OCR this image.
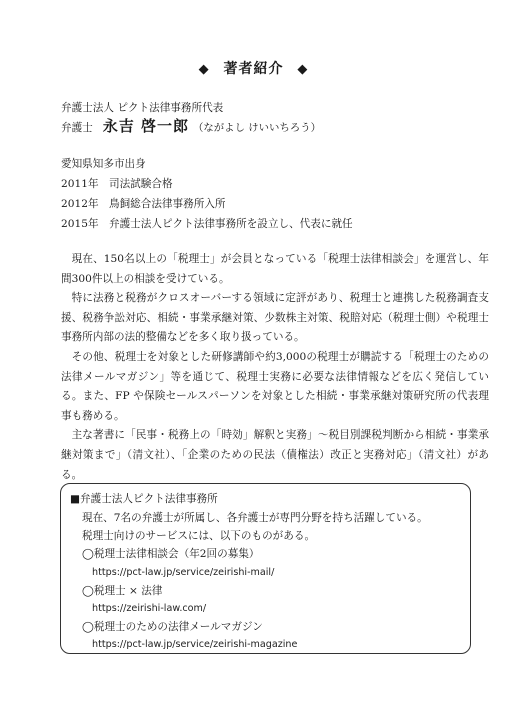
◆ 著者紹介 ◆
弁護士法人 ピクト法律事務所代表
弁護士 永吉 啓一郎 （ながよし けいいちろう）
愛知県知多市出身
2011年 司法試験合格
2012年 鳥飼総合法律事務所入所
2015年 弁護士法人ピクト法律事務所を設立し、代表に就任

現在、150名以上の「税理士」が会員となっている「税理士法律相談会」を運営し、年間300件以上の相談を受けている。

特に法務と税務がクロスオーバーする領域に定評があり、税理士と連携した税務調査支援、税務争訟対応、相続・事業承継対策、少数株主対策、税賠対応（税理士側）や税理士事務所内部の法的整備などを多く取り扱っている。

その他、税理士を対象とした研修講師や約3,000の税理士が購読する「税理士のための法律メールマガジン」等を通じて、税理士実務に必要な法律情報などを広く発信している。また、FP や保険セールスパーソンを対象とした相続・事業承継対策研究所の代表理事も務める。

主な著書に「民事・税務上の「時効」解釈と実務」〜税目別課税判断から相続・事業承継対策まで」（清文社）、「企業のための民法（債権法）改正と実務対応」（清文社）がある。

■弁護士法人ピクト法律事務所
現在、7名の弁護士が所属し、各弁護士が専門分野を持ち活躍している。
税理士向けのサービスには、以下のものがある。
◯税理士法律相談会（年2回の募集）
https://pct-law.jp/service/zeirishi-mail/
◯税理士 × 法律
https://zeirishi-law.com/
◯税理士のための法律メールマガジン
https://pct-law.jp/service/zeirishi-magazine
